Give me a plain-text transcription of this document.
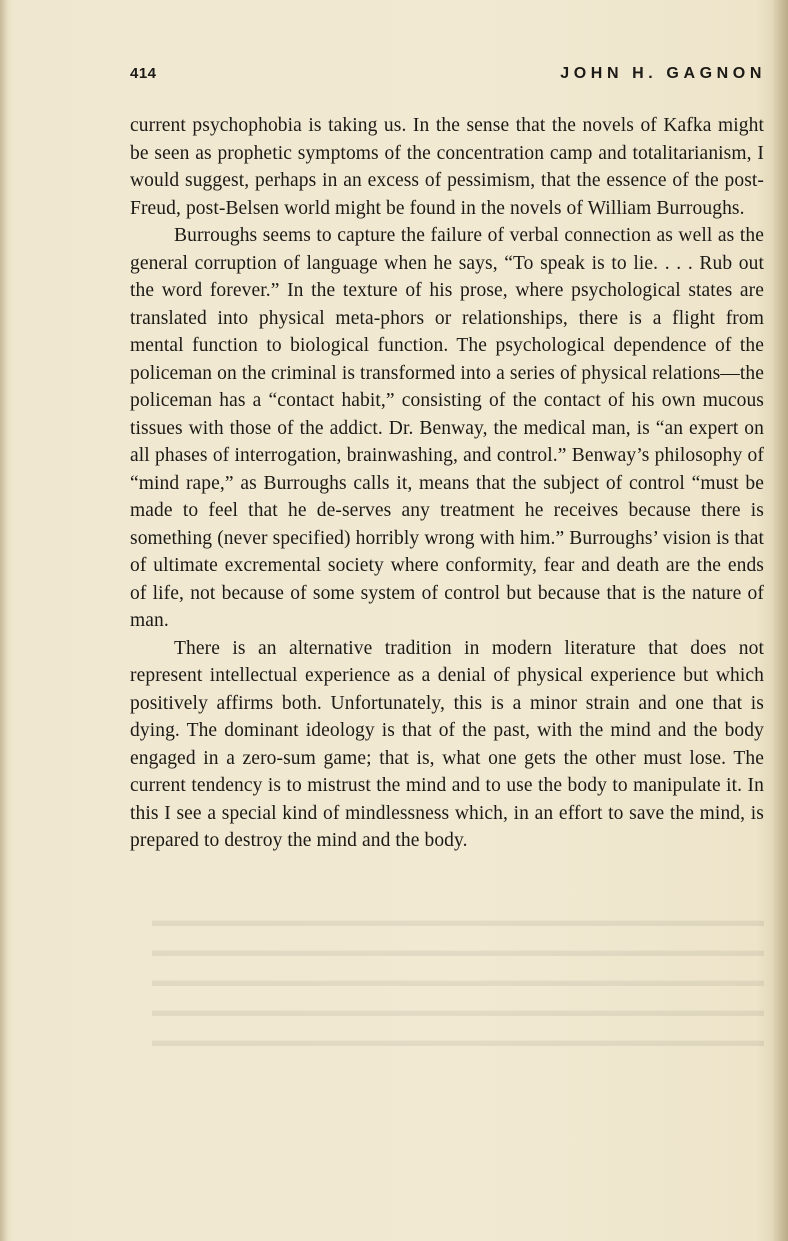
414	JOHN H. GAGNON

current psychophobia is taking us. In the sense that the novels of Kafka might be seen as prophetic symptoms of the concentration camp and totalitarianism, I would suggest, perhaps in an excess of pessimism, that the essence of the post-Freud, post-Belsen world might be found in the novels of William Burroughs.

Burroughs seems to capture the failure of verbal connection as well as the general corruption of language when he says, “To speak is to lie. . . . Rub out the word forever.” In the texture of his prose, where psychological states are translated into physical meta-phors or relationships, there is a flight from mental function to biological function. The psychological dependence of the policeman on the criminal is transformed into a series of physical relations—the policeman has a “contact habit,” consisting of the contact of his own mucous tissues with those of the addict. Dr. Benway, the medical man, is “an expert on all phases of interrogation, brainwashing, and control.” Benway’s philosophy of “mind rape,” as Burroughs calls it, means that the subject of control “must be made to feel that he de-serves any treatment he receives because there is something (never specified) horribly wrong with him.” Burroughs’ vision is that of ultimate excremental society where conformity, fear and death are the ends of life, not because of some system of control but because that is the nature of man.

There is an alternative tradition in modern literature that does not represent intellectual experience as a denial of physical experience but which positively affirms both. Unfortunately, this is a minor strain and one that is dying. The dominant ideology is that of the past, with the mind and the body engaged in a zero-sum game; that is, what one gets the other must lose. The current tendency is to mistrust the mind and to use the body to manipulate it. In this I see a special kind of mindlessness which, in an effort to save the mind, is prepared to destroy the mind and the body.

▬▬▬▬▬▬▬▬▬▬▬▬▬▬▬▬▬▬▬▬▬▬▬▬▬▬▬▬▬▬▬▬▬▬
▬▬▬▬▬▬▬▬▬▬▬▬▬▬▬▬▬▬▬▬▬▬▬▬▬▬▬▬▬▬▬▬▬▬
▬▬▬▬▬▬▬▬▬▬▬▬▬▬▬▬▬▬▬▬▬▬▬▬▬▬▬▬▬▬▬▬▬▬
▬▬▬▬▬▬▬▬▬▬▬▬▬▬▬▬▬▬▬▬▬▬▬▬▬▬▬▬▬▬▬▬▬▬
▬▬▬▬▬▬▬▬▬▬▬▬▬▬▬▬▬▬▬▬▬▬▬▬▬▬▬▬▬▬▬▬▬▬
